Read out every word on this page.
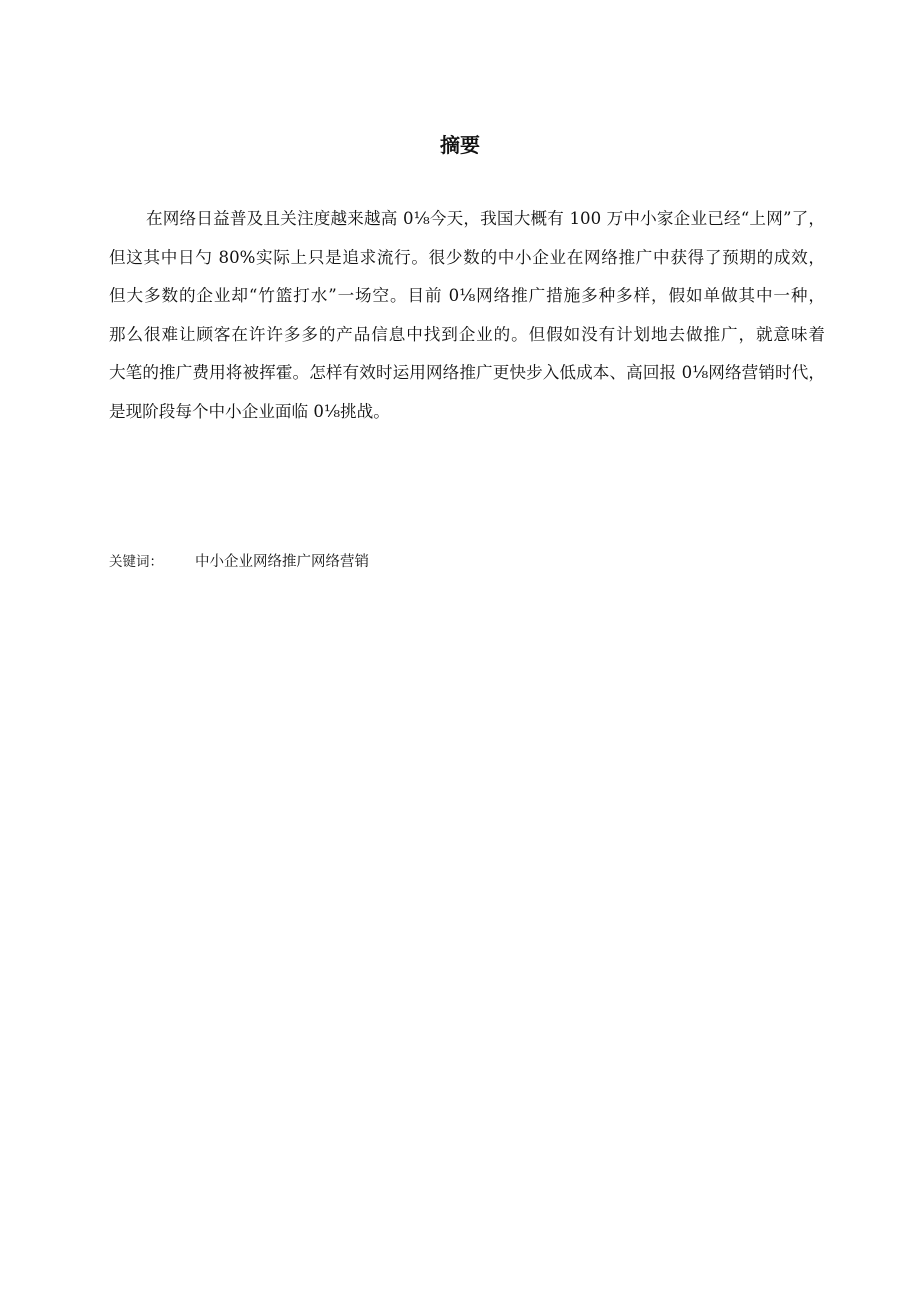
摘要
在网络日益普及且关注度越来越高 0⅛今天，我国大概有 100 万中小家企业已经“上网”了，
但这其中日勺 80%实际上只是追求流行。很少数的中小企业在网络推广中获得了预期的成效，
但大多数的企业却“竹篮打水”一场空。目前 0⅛网络推广措施多种多样，假如单做其中一种，
那么很难让顾客在许许多多的产品信息中找到企业的。但假如没有计划地去做推广，就意味着
大笔的推广费用将被挥霍。怎样有效时运用网络推广更快步入低成本、高回报 0⅛网络营销时代，
是现阶段每个中小企业面临 0⅛挑战。
关键词： 中小企业网络推广网络营销
